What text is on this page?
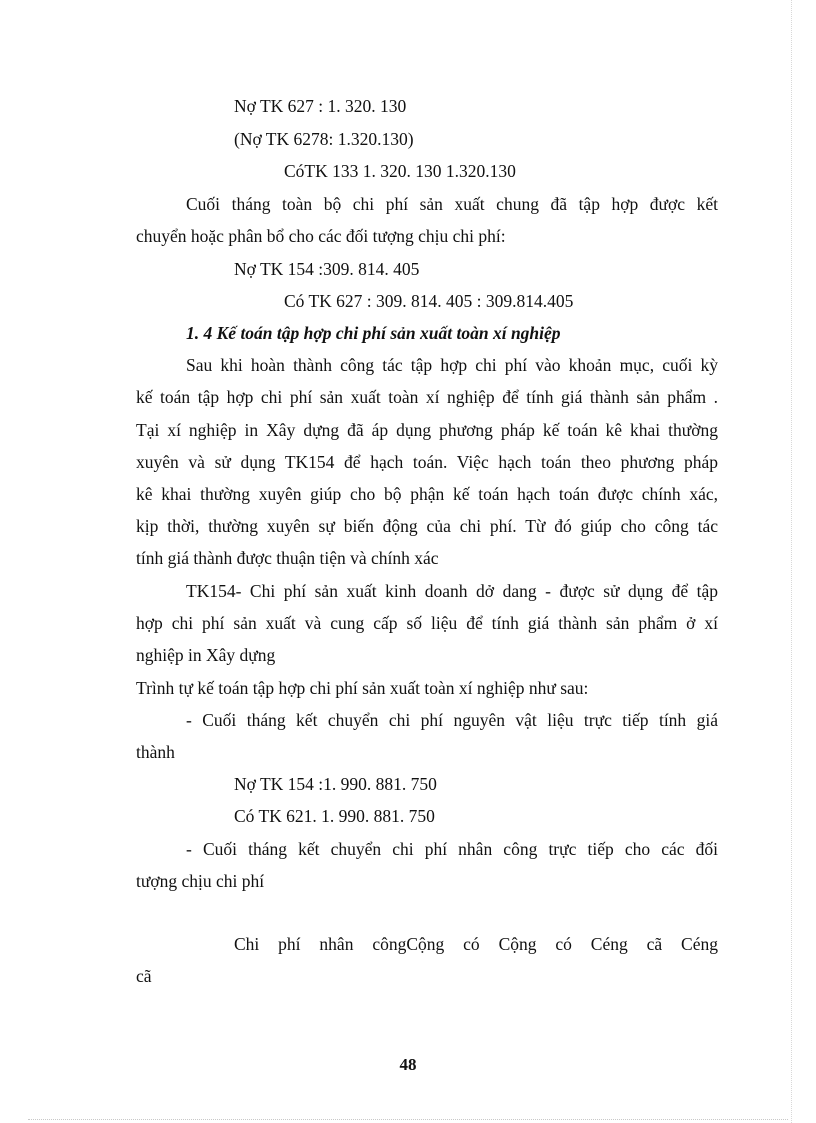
Nợ TK 627 : 1. 320. 130
(Nợ TK 6278: 1.320.130)
CóTK 133 1. 320. 130 1.320.130
Cuối tháng toàn bộ chi phí sản xuất chung đã tập hợp được kết
chuyển hoặc phân bổ cho các đối tượng chịu chi phí:
Nợ TK 154 :309. 814. 405
Có TK 627 : 309. 814. 405 : 309.814.405
1. 4 Kế toán tập hợp chi phí sản xuất toàn xí nghiệp
Sau khi hoàn thành công tác tập hợp chi phí vào khoản mục, cuối kỳ
kế toán tập hợp chi phí sản xuất toàn xí nghiệp để tính giá thành sản phẩm .
Tại xí nghiệp in Xây dựng đã áp dụng phương pháp kế toán kê khai thường
xuyên và sử dụng TK154 để hạch toán. Việc hạch toán theo phương pháp
kê khai thường xuyên giúp cho bộ phận kế toán hạch toán được chính xác,
kịp thời, thường xuyên sự biến động của chi phí. Từ đó giúp cho công tác
tính giá thành được thuận tiện và chính xác
TK154- Chi phí sản xuất kinh doanh dở dang - được sử dụng để tập
hợp chi phí sản xuất và cung cấp số liệu để tính giá thành sản phẩm ở xí
nghiệp in Xây dựng
Trình tự kế toán tập hợp chi phí sản xuất toàn xí nghiệp như sau:
- Cuối tháng kết chuyển chi phí nguyên vật liệu trực tiếp tính giá
thành
Nợ TK 154 :1. 990. 881. 750
Có TK 621. 1. 990. 881. 750
- Cuối tháng kết chuyển chi phí nhân công trực tiếp cho các đối
tượng chịu chi phí
Chi phí nhân côngCộng có Cộng có Céng cã Céng
cã
48
